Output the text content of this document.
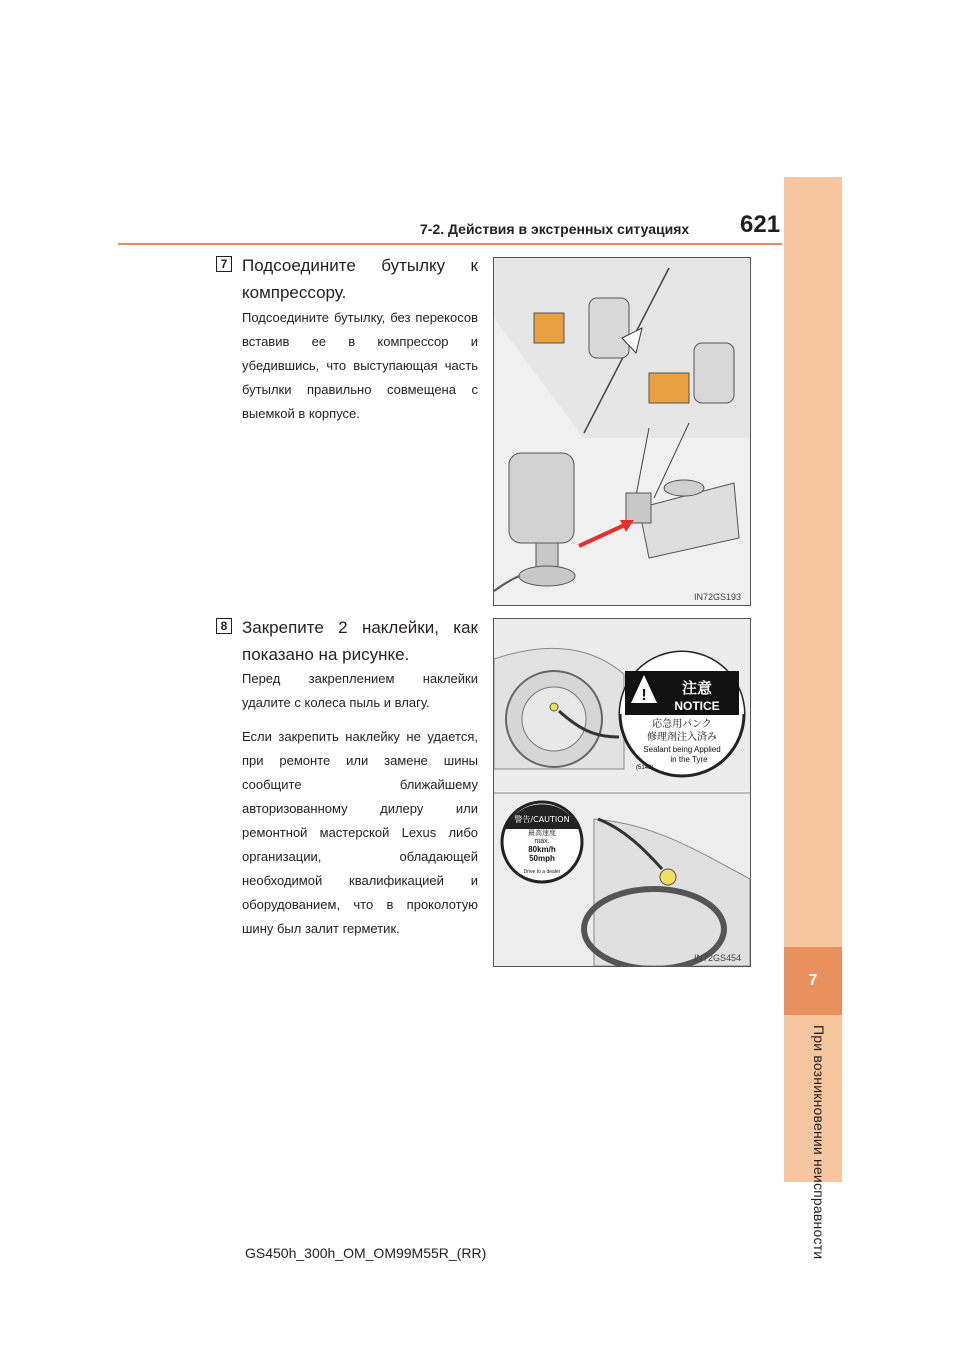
7-2. Действия в экстренных ситуациях 621
7
При возникновении неисправности
7 Подсоедините бутылку к компрессору.

Подсоедините бутылку, без перекосов вставив ее в компрессор и убедившись, что выступающая часть бутылки правильно совмещена с выемкой в корпусе.

IN72GS193
8 Закрепите 2 наклейки, как показано на рисунке.

Перед закреплением наклейки удалите с колеса пыль и влагу.

Если закрепить наклейку не удается, при ремонте или замене шины сообщите ближайшему авторизованному дилеру или ремонтной мастерской Lexus либо организации, обладающей необходимой квалификацией и оборудованием, что в проколотую шину был залит герметик.

! 注意
NOTICE
応急用パンク
修理剤注入済み
Sealant being Applied
in the Tyre
(5143)
警告/CAUTION
最高速度
max.
80km/h
50mph
Drive to a dealer
IN72GS454
GS450h_300h_OM_OM99M55R_(RR)
